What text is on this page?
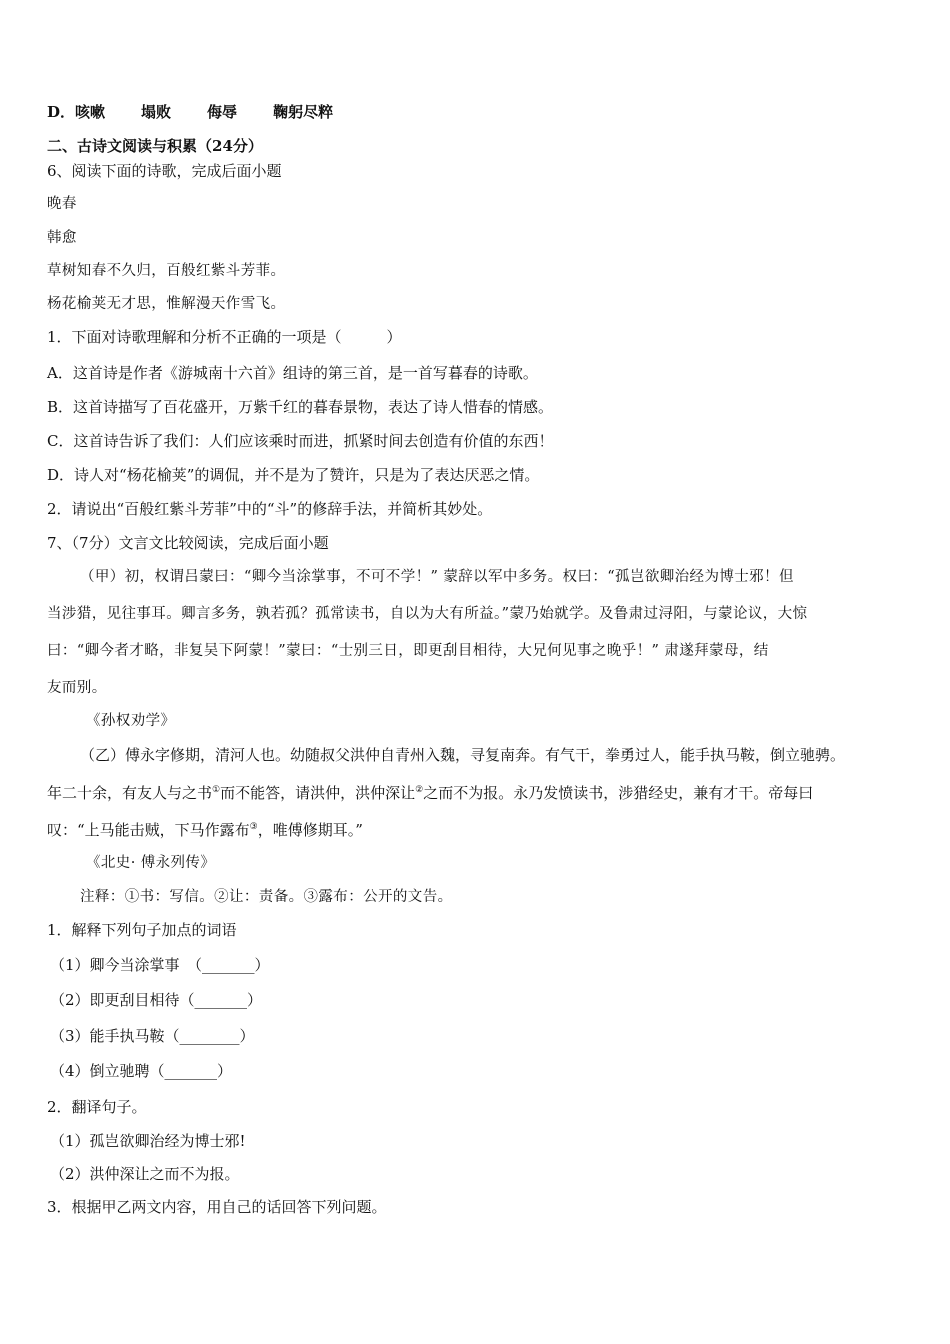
D．咳嗽 塌败 侮辱 鞠躬尽粹
二、古诗文阅读与积累（24分）
6、阅读下面的诗歌，完成后面小题
晚春
韩愈
草树知春不久归，百般红紫斗芳菲。
杨花榆荚无才思，惟解漫天作雪飞。
1．下面对诗歌理解和分析不正确的一项是（　　　）
A．这首诗是作者《游城南十六首》组诗的第三首，是一首写暮春的诗歌。
B．这首诗描写了百花盛开，万紫千红的暮春景物，表达了诗人惜春的情感。
C．这首诗告诉了我们：人们应该乘时而进，抓紧时间去创造有价值的东西！
D．诗人对“杨花榆荚”的调侃，并不是为了赞许，只是为了表达厌恶之情。
2．请说出“百般红紫斗芳菲”中的“斗”的修辞手法，并简析其妙处。
7、（7分）文言文比较阅读，完成后面小题
（甲）初，权谓吕蒙曰：“卿今当涂掌事，不可不学！” 蒙辞以军中多务。权曰：“孤岂欲卿治经为博士邪！但
当涉猎，见往事耳。卿言多务，孰若孤？孤常读书，自以为大有所益。”蒙乃始就学。及鲁肃过浔阳，与蒙论议，大惊
曰：“卿今者才略，非复吴下阿蒙！”蒙曰：“士别三日，即更刮目相待，大兄何见事之晚乎！” 肃遂拜蒙母，结
友而别。
《孙权劝学》
（乙）傅永字修期，清河人也。幼随叔父洪仲自青州入魏，寻复南奔。有气干，拳勇过人，能手执马鞍，倒立驰骋。
年二十余，有友人与之书①而不能答，请洪仲，洪仲深让②之而不为报。永乃发愤读书，涉猎经史，兼有才干。帝每曰
叹：“上马能击贼，下马作露布③，唯傅修期耳。”
《北史· 傅永列传》
注释：①书：写信。②让：责备。③露布：公开的文告。
1．解释下列句子加点的词语
（1）卿今当涂掌事　（_______）
（2）即更刮目相待（_______）
（3）能手执马鞍（________）
（4）倒立驰聘（_______）
2．翻译句子。
（1）孤岂欲卿治经为博士邪!
（2）洪仲深让之而不为报。
3．根据甲乙两文内容，用自己的话回答下列问题。
